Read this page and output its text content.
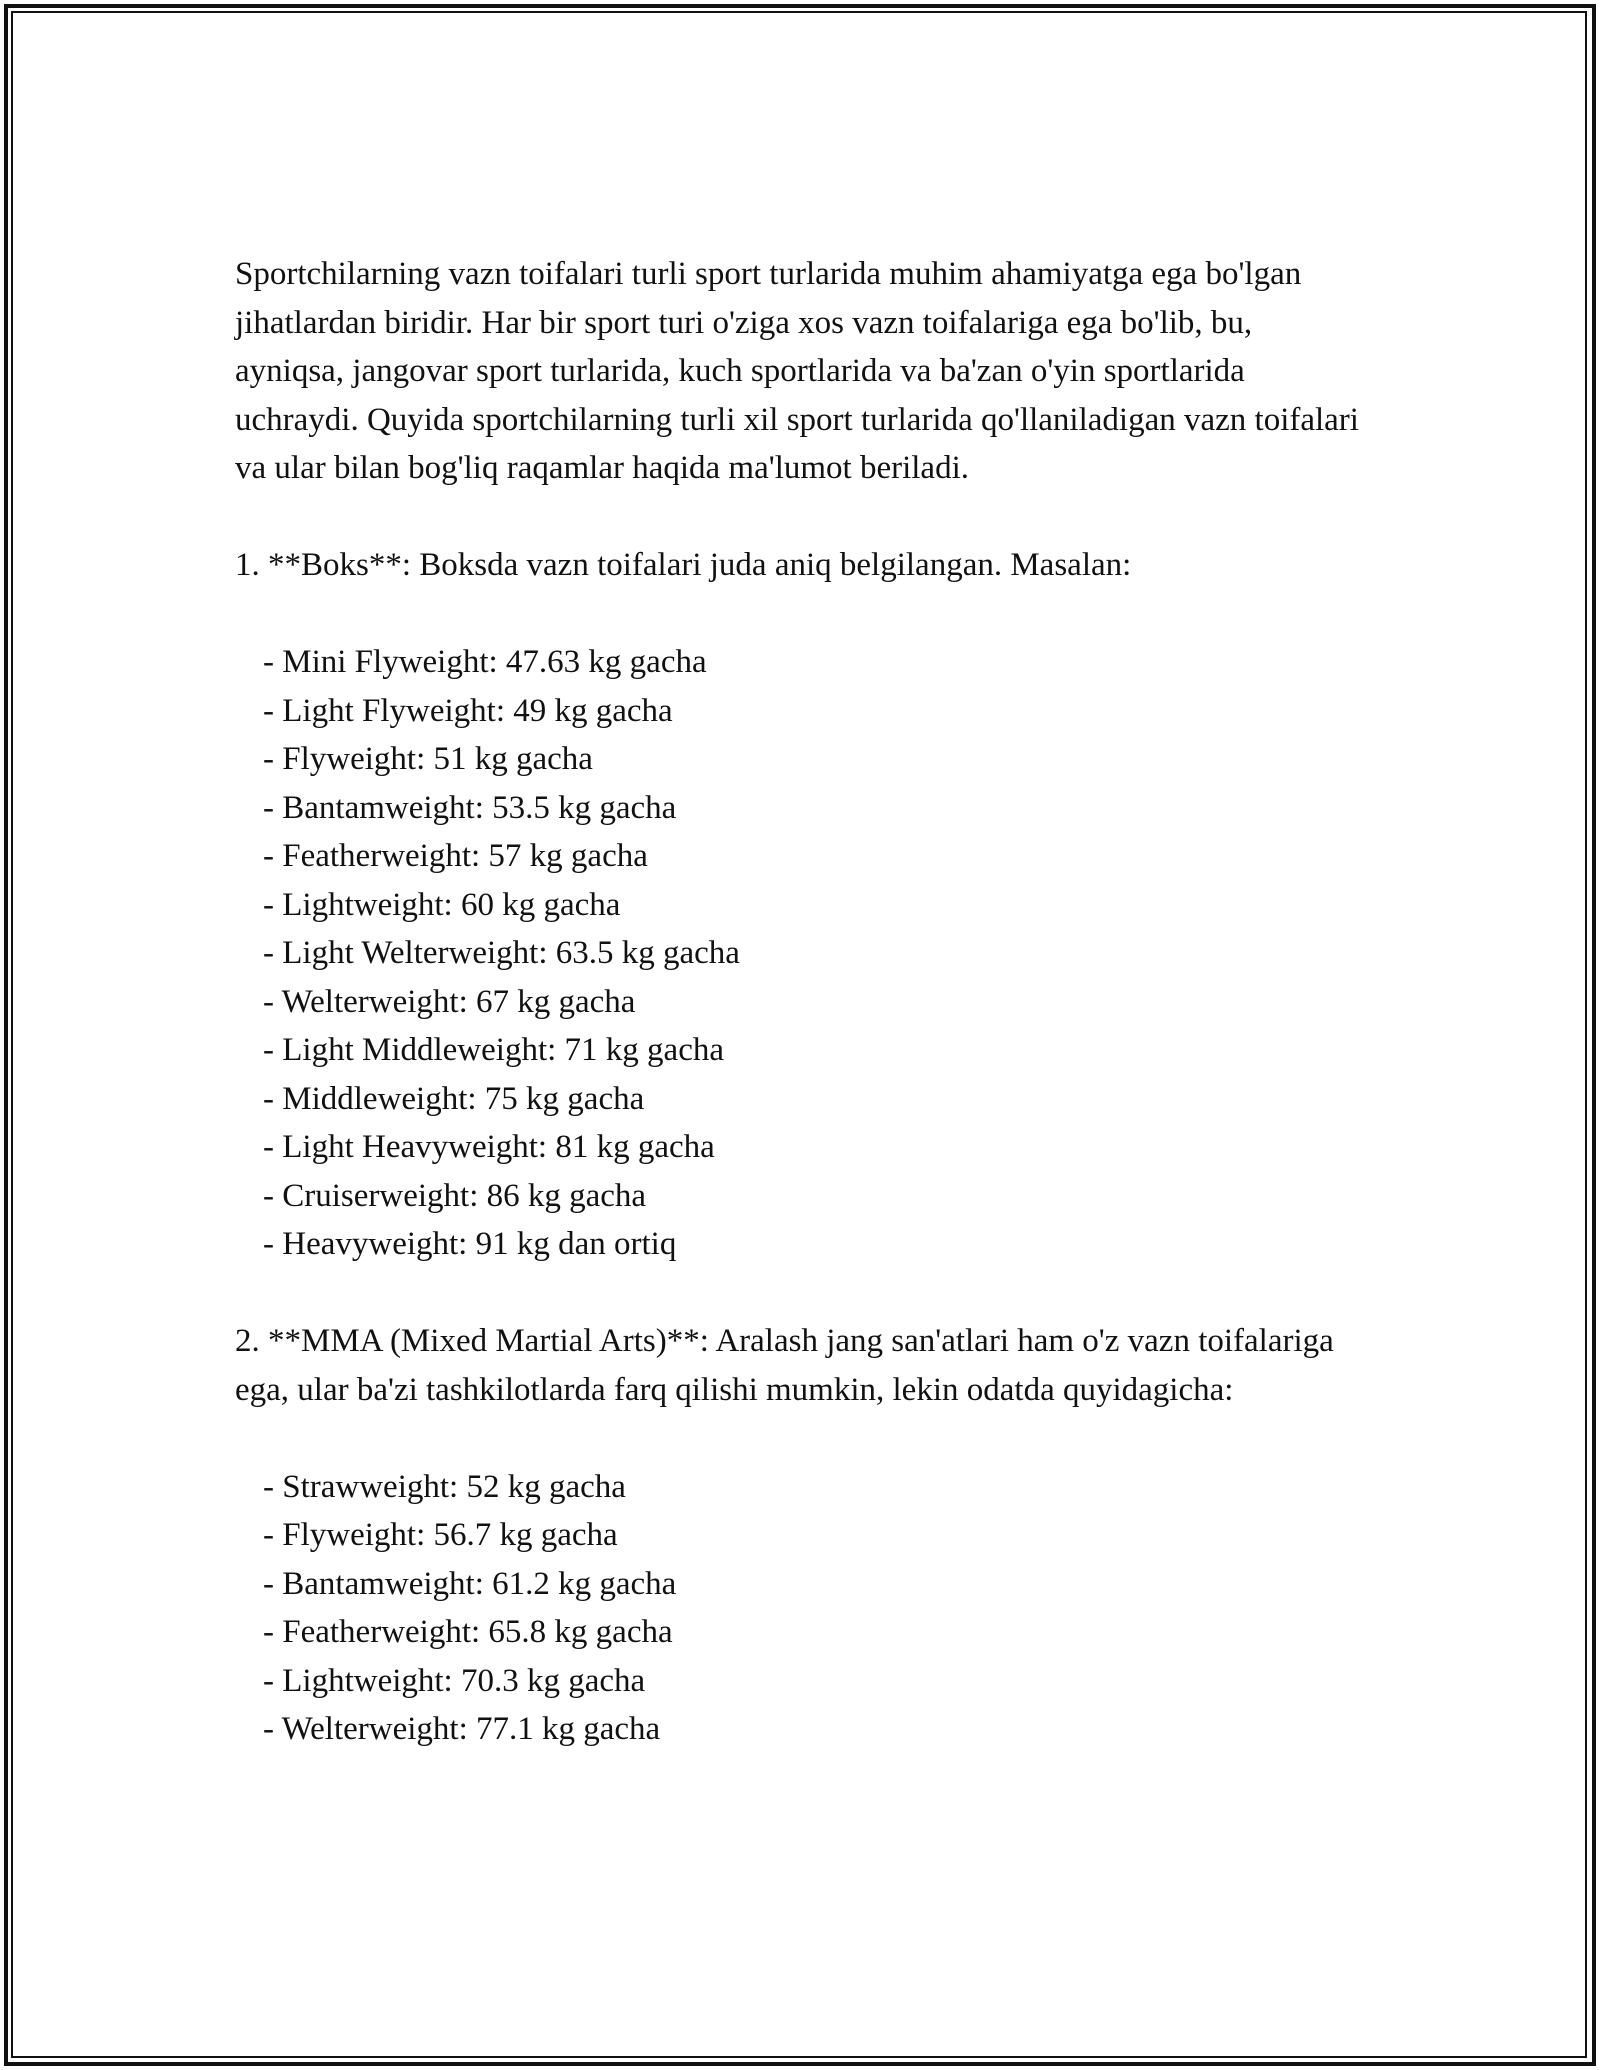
Sportchilarning vazn toifalari turli sport turlarida muhim ahamiyatga ega bo'lgan jihatlardan biridir. Har bir sport turi o'ziga xos vazn toifalariga ega bo'lib, bu, ayniqsa, jangovar sport turlarida, kuch sportlarida va ba'zan o'yin sportlarida uchraydi. Quyida sportchilarning turli xil sport turlarida qo'llaniladigan vazn toifalari va ular bilan bog'liq raqamlar haqida ma'lumot beriladi.

1. **Boks**: Boksda vazn toifalari juda aniq belgilangan. Masalan:

- Mini Flyweight: 47.63 kg gacha
- Light Flyweight: 49 kg gacha
- Flyweight: 51 kg gacha
- Bantamweight: 53.5 kg gacha
- Featherweight: 57 kg gacha
- Lightweight: 60 kg gacha
- Light Welterweight: 63.5 kg gacha
- Welterweight: 67 kg gacha
- Light Middleweight: 71 kg gacha
- Middleweight: 75 kg gacha
- Light Heavyweight: 81 kg gacha
- Cruiserweight: 86 kg gacha
- Heavyweight: 91 kg dan ortiq

2. **MMA (Mixed Martial Arts)**: Aralash jang san'atlari ham o'z vazn toifalariga ega, ular ba'zi tashkilotlarda farq qilishi mumkin, lekin odatda quyidagicha:

- Strawweight: 52 kg gacha
- Flyweight: 56.7 kg gacha
- Bantamweight: 61.2 kg gacha
- Featherweight: 65.8 kg gacha
- Lightweight: 70.3 kg gacha
- Welterweight: 77.1 kg gacha
